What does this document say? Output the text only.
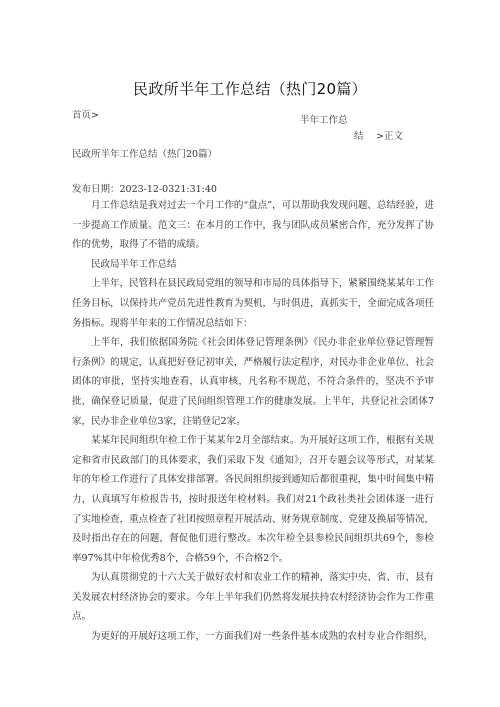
民政所半年工作总结（热门20篇）
首页>	半年工作总
结 >正文
民政所半年工作总结（热门20篇）
发布日期：2023-12-0321:31:40

月工作总结是我对过去一个月工作的“盘点”，可以帮助我发现问题、总结经验，进一步提高工作质量。范文三：在本月的工作中，我与团队成员紧密合作，充分发挥了协作的优势，取得了不错的成绩。

民政局半年工作总结

上半年，民管科在县民政局党组的领导和市局的具体指导下，紧紧围绕某某年工作任务目标，以保持共产党员先进性教育为契机，与时俱进，真抓实干，全面完成各项任务指标。现将半年来的工作情况总结如下：

上半年，我们依据国务院《社会团体登记管理条例》《民办非企业单位登记管理暂行条例》的规定，认真把好登记初审关，严格履行法定程序，对民办非企业单位、社会团体的审批，坚持实地查看，认真审核，凡名称不规范，不符合条件的，坚决不予审批，确保登记质量，促进了民间组织管理工作的健康发展。上半年，共登记社会团体7家，民办非企业单位3家，注销登记2家。

某某年民间组织年检工作于某某年2月全部结束。为开展好这项工作，根据有关规定和省市民政部门的具体要求，我们采取下发《通知》，召开专题会议等形式，对某某年的年检工作进行了具体安排部署。各民间组织接到通知后都很重视，集中时间集中精力，认真填写年检报告书，按时报送年检材料。我们对21个政社类社会团体逐一进行了实地检查，重点检查了社团按照章程开展活动、财务规章制度、党建及换届等情况，及时指出存在的问题，督促他们进行整改。本次年检全县参检民间组织共69个，参检率97%其中年检优秀8个，合格59个，不合格2个。

为认真贯彻党的十六大关于做好农村和农业工作的精神，落实中央、省、市、县有关发展农村经济协会的要求。今年上半年我们仍然将发展扶持农村经济协会作为工作重点。

为更好的开展好这项工作，一方面我们对一些条件基本成熟的农村专业合作组织，
